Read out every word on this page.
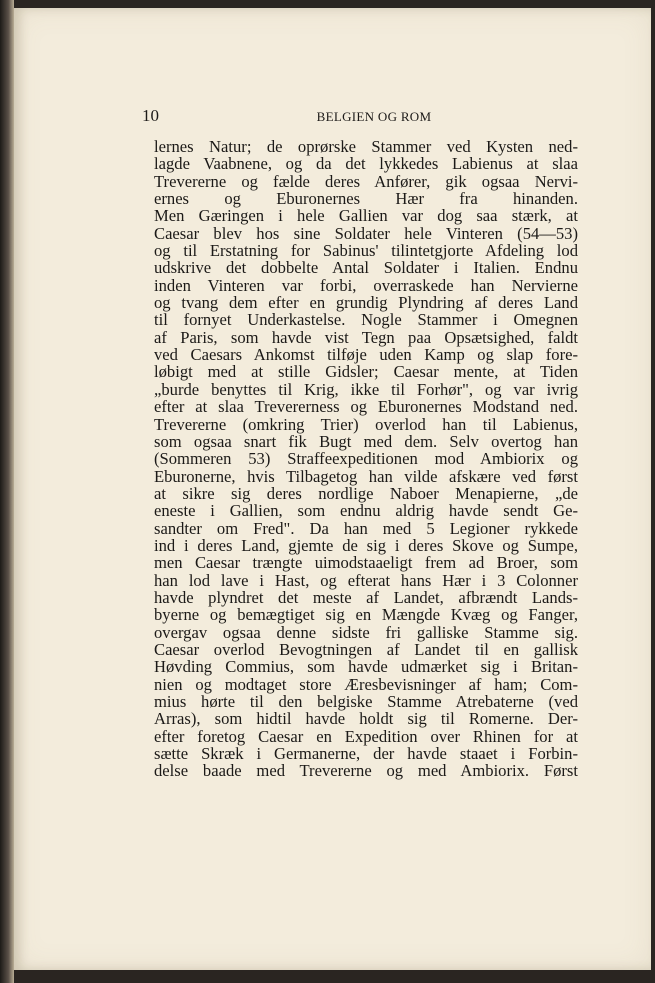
10	BELGIEN OG ROM
lernes Natur; de oprørske Stammer ved Kysten ned-
lagde Vaabnene, og da det lykkedes Labienus at slaa
Trevererne og fælde deres Anfører, gik ogsaa Nervi-
ernes og Eburonernes Hær fra hinanden.
Men Gæringen i hele Gallien var dog saa stærk, at
Caesar blev hos sine Soldater hele Vinteren (54—53)
og til Erstatning for Sabinus' tilintetgjorte Afdeling lod
udskrive det dobbelte Antal Soldater i Italien. Endnu
inden Vinteren var forbi, overraskede han Nervierne
og tvang dem efter en grundig Plyndring af deres Land
til fornyet Underkastelse. Nogle Stammer i Omegnen
af Paris, som havde vist Tegn paa Opsætsighed, faldt
ved Caesars Ankomst tilføje uden Kamp og slap fore-
løbigt med at stille Gidsler; Caesar mente, at Tiden
„burde benyttes til Krig, ikke til Forhør", og var ivrig
efter at slaa Trevererness og Eburonernes Modstand ned.
Trevererne (omkring Trier) overlod han til Labienus,
som ogsaa snart fik Bugt med dem. Selv overtog han
(Sommeren 53) Straffeexpeditionen mod Ambiorix og
Eburonerne, hvis Tilbagetog han vilde afskære ved først
at sikre sig deres nordlige Naboer Menapierne, „de
eneste i Gallien, som endnu aldrig havde sendt Ge-
sandter om Fred". Da han med 5 Legioner rykkede
ind i deres Land, gjemte de sig i deres Skove og Sumpe,
men Caesar trængte uimodstaaeligt frem ad Broer, som
han lod lave i Hast, og efterat hans Hær i 3 Colonner
havde plyndret det meste af Landet, afbrændt Lands-
byerne og bemægtiget sig en Mængde Kvæg og Fanger,
overgav ogsaa denne sidste fri galliske Stamme sig.
Caesar overlod Bevogtningen af Landet til en gallisk
Høvding Commius, som havde udmærket sig i Britan-
nien og modtaget store Æresbevisninger af ham; Com-
mius hørte til den belgiske Stamme Atrebaterne (ved
Arras), som hidtil havde holdt sig til Romerne. Der-
efter foretog Caesar en Expedition over Rhinen for at
sætte Skræk i Germanerne, der havde staaet i Forbin-
delse baade med Trevererne og med Ambiorix. Først
